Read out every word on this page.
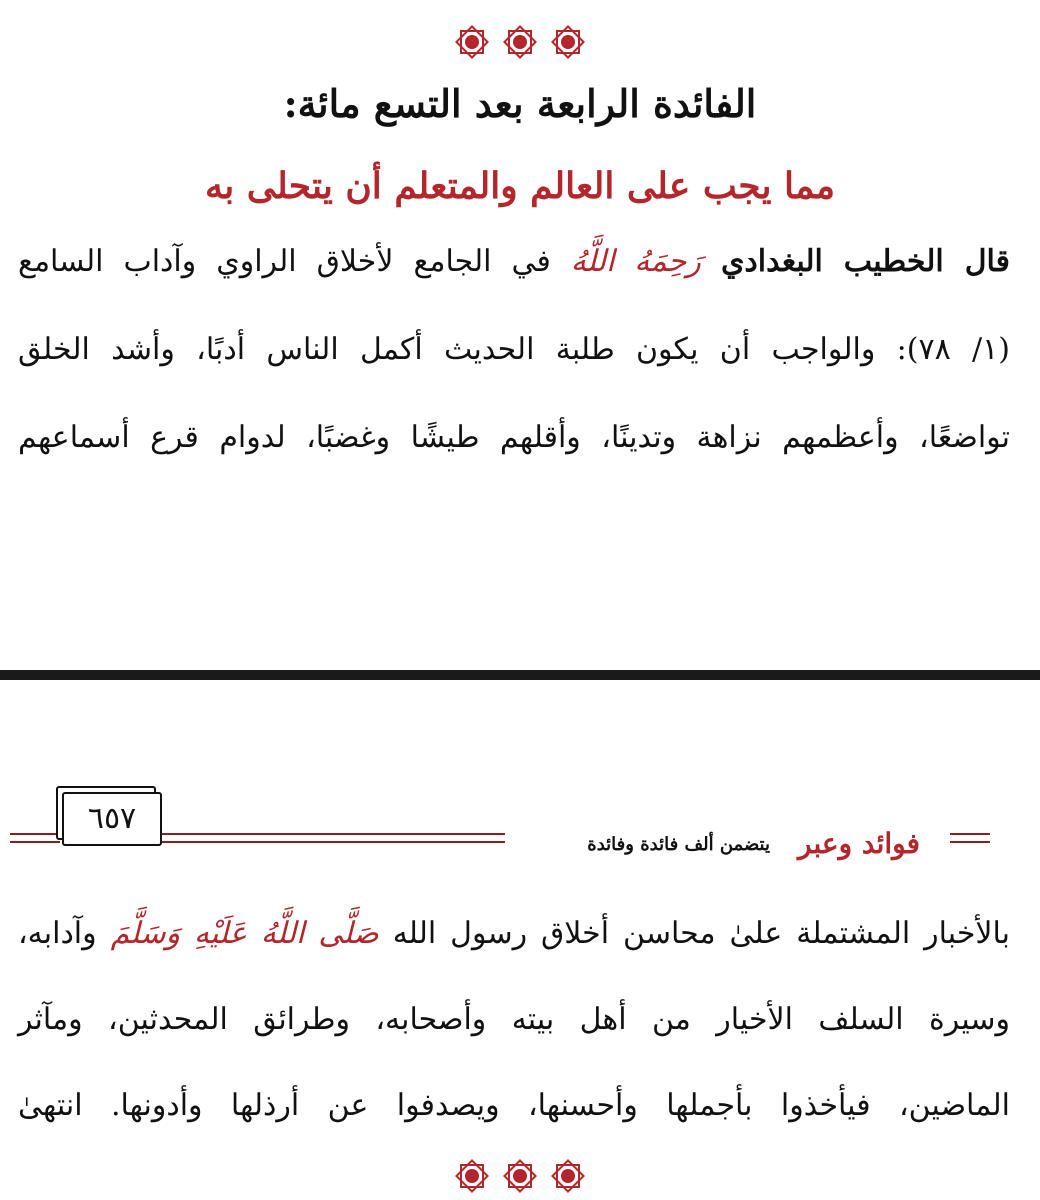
الفائدة الرابعة بعد التسع مائة:
مما يجب على العالم والمتعلم أن يتحلى به

قال الخطيب البغدادي رَحِمَهُ اللَّهُ في الجامع لأخلاق الراوي وآداب السامع

(١/ ٧٨): والواجب أن يكون طلبة الحديث أكمل الناس أدبًا، وأشد الخلق

تواضعًا، وأعظمهم نزاهة وتدينًا، وأقلهم طيشًا وغضبًا، لدوام قرع أسماعهم

٦٥٧
فوائد وعبر
يتضمن ألف فائدة وفائدة

بالأخبار المشتملة علىٰ محاسن أخلاق رسول الله صَلَّى اللَّهُ عَلَيْهِ وَسَلَّمَ وآدابه،

وسيرة السلف الأخيار من أهل بيته وأصحابه، وطرائق المحدثين، ومآثر

الماضين، فيأخذوا بأجملها وأحسنها، ويصدفوا عن أرذلها وأدونها. انتهىٰ
